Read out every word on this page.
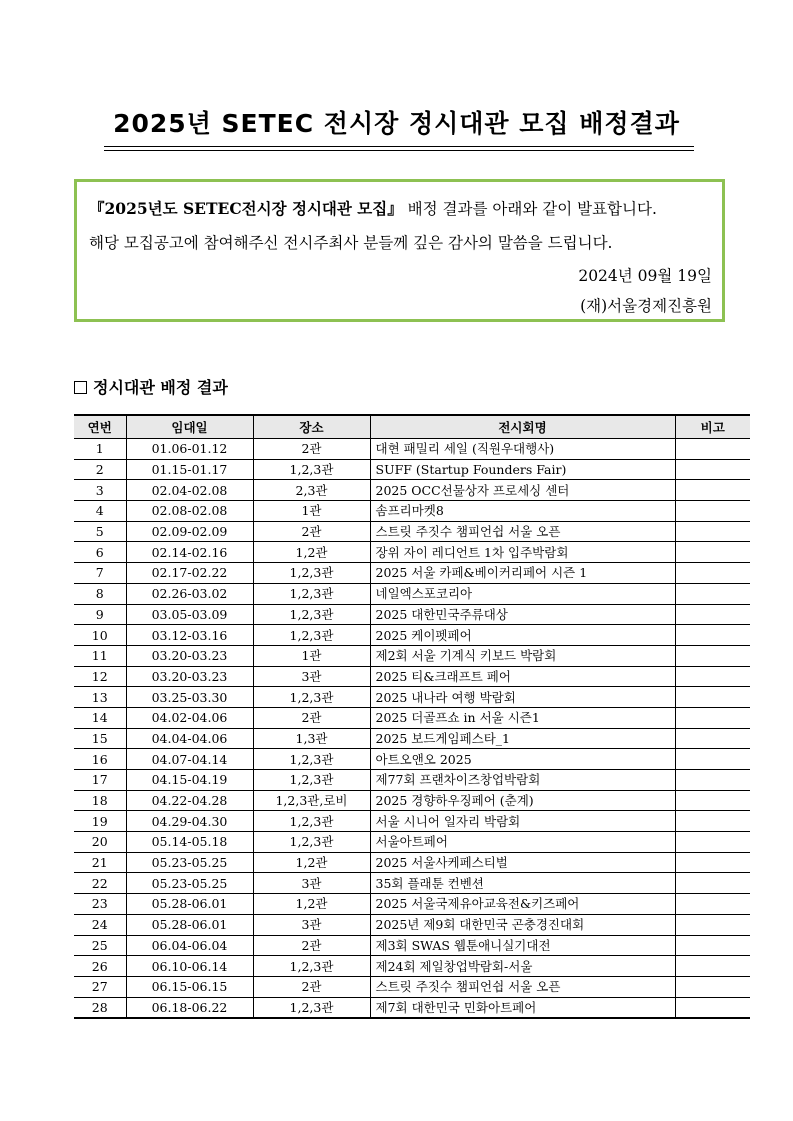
2025년 SETEC 전시장 정시대관 모집 배정결과

『2025년도 SETEC전시장 정시대관 모집』 배정 결과를 아래와 같이 발표합니다.

해당 모집공고에 참여해주신 전시주최사 분들께 깊은 감사의 말씀을 드립니다.

2024년 09월 19일

(재)서울경제진흥원

정시대관 배정 결과
연번	임대일	장소	전시회명	비고
1	01.06-01.12	2관	대현 패밀리 세일 (직원우대행사)	
2	01.15-01.17	1,2,3관	SUFF (Startup Founders Fair)	
3	02.04-02.08	2,3관	2025 OCC선물상자 프로세싱 센터	
4	02.08-02.08	1관	솜프리마켓8	
5	02.09-02.09	2관	스트릿 주짓수 챔피언쉽 서울 오픈	
6	02.14-02.16	1,2관	장위 자이 레디언트 1차 입주박람회	
7	02.17-02.22	1,2,3관	2025 서울 카페&베이커리페어 시즌 1	
8	02.26-03.02	1,2,3관	네일엑스포코리아	
9	03.05-03.09	1,2,3관	2025 대한민국주류대상	
10	03.12-03.16	1,2,3관	2025 케이펫페어	
11	03.20-03.23	1관	제2회 서울 기계식 키보드 박람회	
12	03.20-03.23	3관	2025 티&크래프트 페어	
13	03.25-03.30	1,2,3관	2025 내나라 여행 박람회	
14	04.02-04.06	2관	2025 더골프쇼 in 서울 시즌1	
15	04.04-04.06	1,3관	2025 보드게임페스타_1	
16	04.07-04.14	1,2,3관	아트오앤오 2025	
17	04.15-04.19	1,2,3관	제77회 프랜차이즈창업박람회	
18	04.22-04.28	1,2,3관,로비	2025 경향하우징페어 (춘계)	
19	04.29-04.30	1,2,3관	서울 시니어 일자리 박람회	
20	05.14-05.18	1,2,3관	서울아트페어	
21	05.23-05.25	1,2관	2025 서울사케페스티벌	
22	05.23-05.25	3관	35회 플래툰 컨벤션	
23	05.28-06.01	1,2관	2025 서울국제유아교육전&키즈페어	
24	05.28-06.01	3관	2025년 제9회 대한민국 곤충경진대회	
25	06.04-06.04	2관	제3회 SWAS 웹툰애니실기대전	
26	06.10-06.14	1,2,3관	제24회 제일창업박람회-서울	
27	06.15-06.15	2관	스트릿 주짓수 챔피언쉽 서울 오픈	
28	06.18-06.22	1,2,3관	제7회 대한민국 민화아트페어	
